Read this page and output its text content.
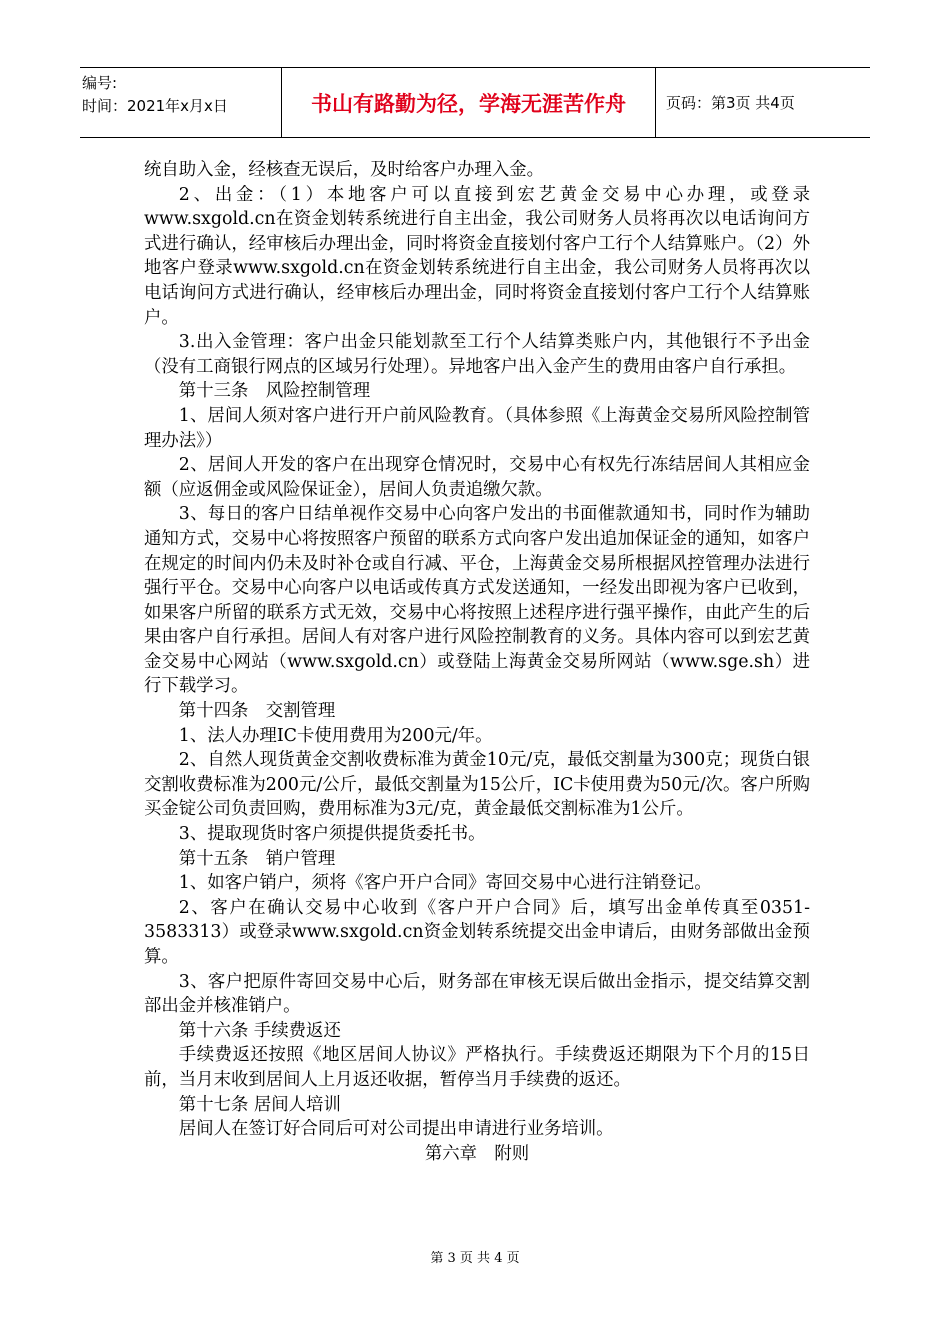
编号:
时间：2021年x月x日	书山有路勤为径，学海无涯苦作舟	页码：第3页 共4页

统自助入金，经核查无误后，及时给客户办理入金。

2、出金：（1）本地客户可以直接到宏艺黄金交易中心办理，或登录www.sxgold.cn在资金划转系统进行自主出金，我公司财务人员将再次以电话询问方式进行确认，经审核后办理出金，同时将资金直接划付客户工行个人结算账户。（2）外地客户登录www.sxgold.cn在资金划转系统进行自主出金，我公司财务人员将再次以电话询问方式进行确认，经审核后办理出金，同时将资金直接划付客户工行个人结算账户。

3.出入金管理：客户出金只能划款至工行个人结算类账户内，其他银行不予出金（没有工商银行网点的区域另行处理）。异地客户出入金产生的费用由客户自行承担。

第十三条　风险控制管理

1、居间人须对客户进行开户前风险教育。（具体参照《上海黄金交易所风险控制管理办法》）

2、居间人开发的客户在出现穿仓情况时，交易中心有权先行冻结居间人其相应金额（应返佣金或风险保证金），居间人负责追缴欠款。

3、每日的客户日结单视作交易中心向客户发出的书面催款通知书，同时作为辅助通知方式，交易中心将按照客户预留的联系方式向客户发出追加保证金的通知，如客户在规定的时间内仍未及时补仓或自行减、平仓，上海黄金交易所根据风控管理办法进行强行平仓。交易中心向客户以电话或传真方式发送通知，一经发出即视为客户已收到，如果客户所留的联系方式无效，交易中心将按照上述程序进行强平操作，由此产生的后果由客户自行承担。居间人有对客户进行风险控制教育的义务。具体内容可以到宏艺黄金交易中心网站（www.sxgold.cn）或登陆上海黄金交易所网站（www.sge.sh）进行下载学习。

第十四条　交割管理

1、法人办理IC卡使用费用为200元/年。

2、自然人现货黄金交割收费标准为黄金10元/克，最低交割量为300克；现货白银交割收费标准为200元/公斤，最低交割量为15公斤，IC卡使用费为50元/次。客户所购买金锭公司负责回购，费用标准为3元/克，黄金最低交割标准为1公斤。

3、提取现货时客户须提供提货委托书。

第十五条　销户管理

1、如客户销户，须将《客户开户合同》寄回交易中心进行注销登记。

2、客户在确认交易中心收到《客户开户合同》后，填写出金单传真至0351-3583313）或登录www.sxgold.cn资金划转系统提交出金申请后，由财务部做出金预算。

3、客户把原件寄回交易中心后，财务部在审核无误后做出金指示，提交结算交割部出金并核准销户。

第十六条 手续费返还

手续费返还按照《地区居间人协议》严格执行。手续费返还期限为下个月的15日前，当月末收到居间人上月返还收据，暂停当月手续费的返还。

第十七条 居间人培训

居间人在签订好合同后可对公司提出申请进行业务培训。

第六章　附则

第 3 页 共 4 页
